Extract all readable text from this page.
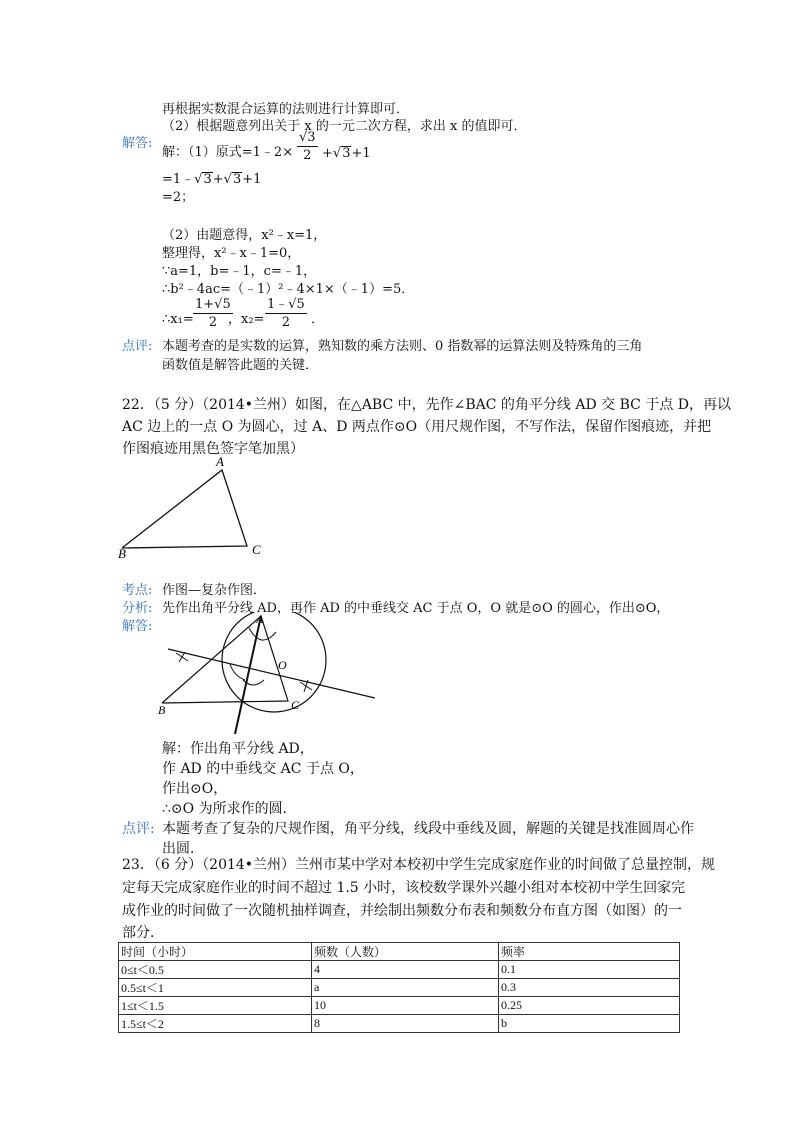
再根据实数混合运算的法则进行计算即可．
（2）根据题意列出关于 x 的一元二次方程，求出 x 的值即可．
解答:
解：（1）原式=1﹣2× $\frac{√3}{2} +√3+1$
=1﹣√3+√3+1
=2；
（2）由题意得，x²﹣x=1，
整理得，x²﹣x﹣1=0，
∵a=1，b=﹣1，c=﹣1，
∴b²﹣4ac=（﹣1）²﹣4×1×（﹣1）=5．
∴x₁= $\frac{1+√5}{2}$
，$x_2= \frac{1﹣√5}{2}$ ．
点评: 本题考查的是实数的运算，熟知数的乘方法则、0 指数幂的运算法则及特殊角的三角
函数值是解答此题的关键．
22．（5 分）（2014•兰州）如图，在△ABC 中，先作∠BAC 的角平分线 AD 交 BC 于点 D，再以
AC 边上的一点 O 为圆心，过 A、D 两点作⊙O（用尺规作图，不写作法，保留作图痕迹，并把
作图痕迹用黑色签字笔加黑）
A
B	C
考点: 作图—复杂作图．
分析: 先作出角平分线 AD，再作 AD 的中垂线交 AC 于点 O，O 就是⊙O 的圆心，作出⊙O，
解答:	A
B	C
O
解：作出角平分线 AD，
作 AD 的中垂线交 AC 于点 O，
作出⊙O，
∴⊙O 为所求作的圆．
点评: 本题考查了复杂的尺规作图，角平分线，线段中垂线及圆，解题的关键是找准圆周心作
出圆．
23．（6 分）（2014•兰州）兰州市某中学对本校初中学生完成家庭作业的时间做了总量控制，规
定每天完成家庭作业的时间不超过 1.5 小时，该校数学课外兴趣小组对本校初中学生回家完
成作业的时间做了一次随机抽样调查，并绘制出频数分布表和频数分布直方图（如图）的一
部分．
时间（小时）	频数（人数）	频率
0≤t＜0.5	4	0.1
0.5≤t＜1	a	0.3
1≤t＜1.5	10	0.25
1.5≤t＜2	8	b
